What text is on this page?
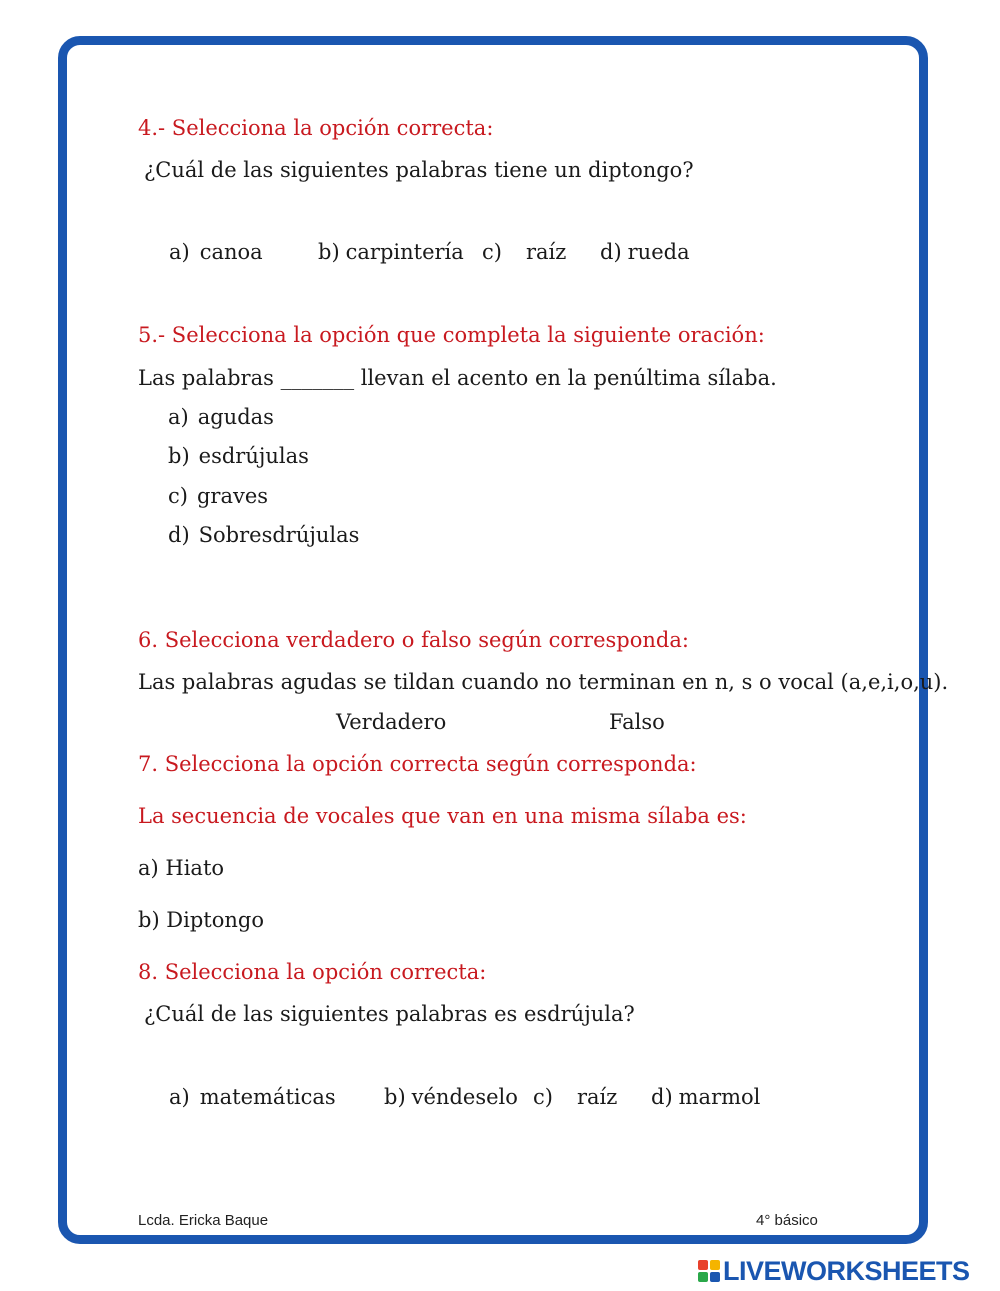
4.- Selecciona la opción correcta:
¿Cuál de las siguientes palabras tiene un diptongo?
a) canoa	b) carpintería c) raíz d) rueda
5.- Selecciona la opción que completa la siguiente oración:
Las palabras _______ llevan el acento en la penúltima sílaba.
a) agudas
b) esdrújulas
c) graves
d) Sobresdrújulas
6. Selecciona verdadero o falso según corresponda:
Las palabras agudas se tildan cuando no terminan en n, s o vocal (a,e,i,o,u).
Verdadero	Falso
7. Selecciona la opción correcta según corresponda:
La secuencia de vocales que van en una misma sílaba es:
a) Hiato
b) Diptongo
8. Selecciona la opción correcta:
¿Cuál de las siguientes palabras es esdrújula?
a) matemáticas b) véndeselo c) raíz d) marmol
Lcda. Ericka Baque	4° básico
LIVEWORKSHEETS
